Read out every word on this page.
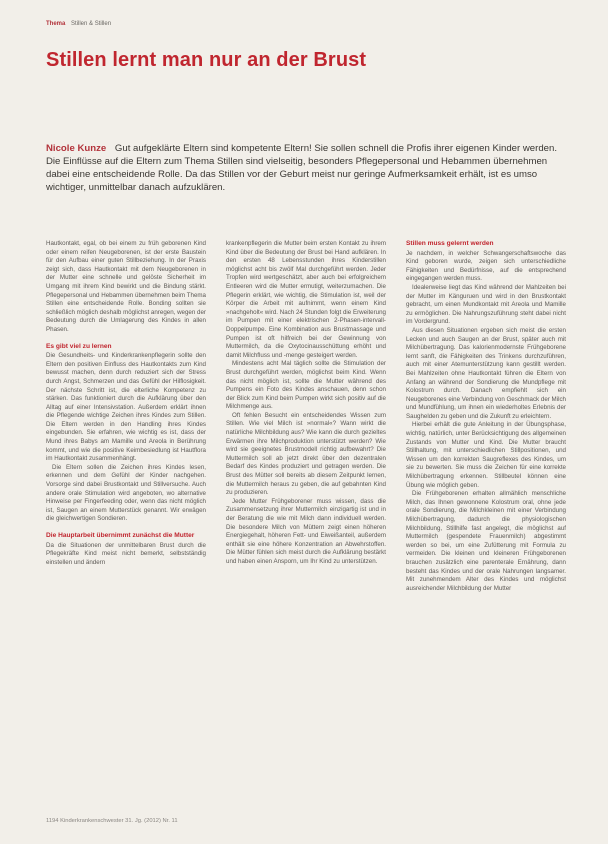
Thema Stillen & Stillen
Stillen lernt man nur an der Brust
Nicole Kunze Gut aufgeklärte Eltern sind kompetente Eltern! Sie sollen schnell die Profis ihrer eigenen Kinder werden. Die Einflüsse auf die Eltern zum Thema Stillen sind vielseitig, besonders Pflegepersonal und Hebammen übernehmen dabei eine entscheidende Rolle. Da das Stillen vor der Geburt meist nur geringe Aufmerksamkeit erhält, ist es umso wichtiger, unmittelbar danach aufzuklären.

Hautkontakt, egal, ob bei einem zu früh geborenen Kind oder einem reifen Neugeborenen, ist der erste Baustein für den Aufbau einer guten Stillbeziehung. In der Praxis zeigt sich, dass Hautkontakt mit dem Neugeborenen in der Mutter eine schnelle und gelöste Sicherheit im Umgang mit ihrem Kind bewirkt und die Bindung stärkt. Pflegepersonal und Hebammen übernehmen beim Thema Stillen eine entscheidende Rolle. Bonding sollten sie schließlich möglich deshalb möglichst anregen, wegen der Bedeutung durch die Umlagerung des Kindes in allen Phasen.

Es gibt viel zu lernen

Die Gesundheits- und Kinderkrankenpflegerin sollte den Eltern den positiven Einfluss des Hautkontakts zum Kind bewusst machen, denn durch reduziert sich der Stress durch Angst, Schmerzen und das Gefühl der Hilflosigkeit. Der nächste Schritt ist, die elterliche Kompetenz zu stärken. Das funktioniert durch die Aufklärung über den Alltag auf einer Intensivstation. Außerdem erklärt ihnen die Pflegende wichtige Zeichen ihres Kindes zum Stillen. Die Eltern werden in den Handling ihres Kindes eingebunden. Sie erfahren, wie wichtig es ist, dass der Mund ihres Babys am Mamille und Areola in Berührung kommt, und wie die positive Keimbesiedlung ist Hautflora im Hautkontakt zusammenhängt.

Die Eltern sollen die Zeichen ihres Kindes lesen, erkennen und dem Gefühl der Kinder nachgehen. Vorsorge sind dabei Brustkontakt und Stillversuche. Auch andere orale Stimulation wird angeboten, wo alternative Hinweise per Fingerfeeding oder, wenn das nicht möglich ist, Saugen an einem Mutterstück genannt. Wir erwägen die gleichwertigen Sondieren.

Die Hauptarbeit übernimmt zunächst die Mutter

Da die Situationen der unmittelbaren Brust durch die Pflegekräfte Kind meist nicht bemerkt, selbstständig einstellen und ändern

krankenpflegerin die Mutter beim ersten Kontakt zu ihrem Kind über die Bedeutung der Brust bei Hand aufklären. In den ersten 48 Lebensstunden ihres Kinderstillen möglichst acht bis zwölf Mal durchgeführt werden. Jeder Tropfen wird wertgeschätzt, aber auch bei erfolgreichem Entleeren wird die Mutter ermutigt, weiterzumachen. Die Pflegerin erklärt, wie wichtig, die Stimulation ist, weil der Körper die Arbeit mit aufnimmt, wenn einem Kind »nachgeholt« wird. Nach 24 Stunden folgt die Erweiterung im Pumpen mit einer elektrischen 2-Phasen-intervall-Doppelpumpe. Eine Kombination aus Brustmassage und Pumpen ist oft hilfreich bei der Gewinnung von Muttermilch, da die Oxytocinausschüttung erhöht und damit Milchfluss und -menge gesteigert werden.

Mindestens acht Mal täglich sollte die Stimulation der Brust durchgeführt werden, möglichst beim Kind. Wenn das nicht möglich ist, sollte die Mutter während des Pumpens ein Foto des Kindes anschauen, denn schon der Blick zum Kind beim Pumpen wirkt sich positiv auf die Milchmenge aus.

Oft fehlen Besucht ein entscheidendes Wissen zum Stillen. Wie viel Milch ist »normal«? Wann wirkt die natürliche Milchbildung aus? Wie kann die durch gezieltes Erwärmen ihre Milchproduktion unterstützt werden? Wie wird sie geeignetes Brustmodell richtig aufbewahrt? Die Muttermilch soll ab jetzt direkt über den dezentralen Bedarf des Kindes produziert und getragen werden. Die Brust des Mütter soll bereits ab diesem Zeitpunkt lernen, die Muttermilch heraus zu geben, die auf gebahnten Kind zu produzieren.

Jede Mutter Frühgeborener muss wissen, dass die Zusammensetzung ihrer Muttermilch einzigartig ist und in der Beratung die wie mit Milch dann individuell werden. Die besondere Milch von Müttern zeigt einen höheren Energiegehalt, höheren Fett- und Eiweißanteil, außerdem enthält sie eine höhere Konzentration an Abwehrstoffen. Die Mütter fühlen sich meist durch die Aufklärung bestärkt und haben einen Ansporn, um Ihr Kind zu unterstützen.

Stillen muss gelernt werden

Je nachdem, in welcher Schwangerschaftswoche das Kind geboren wurde, zeigen sich unterschiedliche Fähigkeiten und Bedürfnisse, auf die entsprechend eingegangen werden muss.

Idealerweise liegt das Kind während der Mahlzeiten bei der Mutter im Känguruen und wird in den Brustkontakt gebracht, um einen Mundkontakt mit Areola und Mamille zu ermöglichen. Die Nahrungszuführung steht dabei nicht im Vordergrund.

Aus diesen Situationen ergeben sich meist die ersten Lecken und auch Saugen an der Brust, später auch mit Milchübertragung. Das kalorienmodernste Frühgeborene lernt sanft, die Fähigkeiten des Trinkens durchzuführen, auch mit einer Atemunterstützung kann gestillt werden. Bei Mahlzeiten ohne Hautkontakt führen die Eltern von Anfang an während der Sondierung die Mundpflege mit Kolostrum durch. Danach empfiehlt sich ein Neugeborenes eine Verbindung von Geschmack der Milch und Mundfühlung, um ihnen ein wiederholtes Erlebnis der Saughelden zu geben und die Zukunft zu erleichtern.

Hierbei erhält die gute Anleitung in der Übungsphase, wichtig, natürlich, unter Berücksichtigung des allgemeinen Zustands von Mutter und Kind. Die Mutter braucht Stillhaltung, mit unterschiedlichen Stillpositionen, und Wissen um den korrekten Saugreflexes des Kindes, um sie zu bewerten. Sie muss die Zeichen für eine korrekte Milchübertragung erkennen. Stillbeutel können eine Übung wie möglich geben.

Die Frühgeborenen erhalten allmählich menschliche Milch, das Ihnen gewonnene Kolostrum oral, ohne jede orale Sondierung, die Milchkleinen mit einer Verbindung Milchübertragung, dadurch die physiologischen Milchbildung, Stillhilfe fast angelegt, die möglichst auf Muttermilch (gespendete Frauenmilch) abgestimmt werden so bei, um eine Zufütterung mit Formula zu vermeiden. Die kleinen und kleineren Frühgeborenen brauchen zusätzlich eine parenterale Ernährung, dann besteht das Kindes und der orale Nahrungen langsamer. Mit zunehmendem Alter des Kindes und möglichst ausreichender Milchbildung der Mutter

1194 Kinderkrankenschwester 31. Jg. (2012) Nr. 11
